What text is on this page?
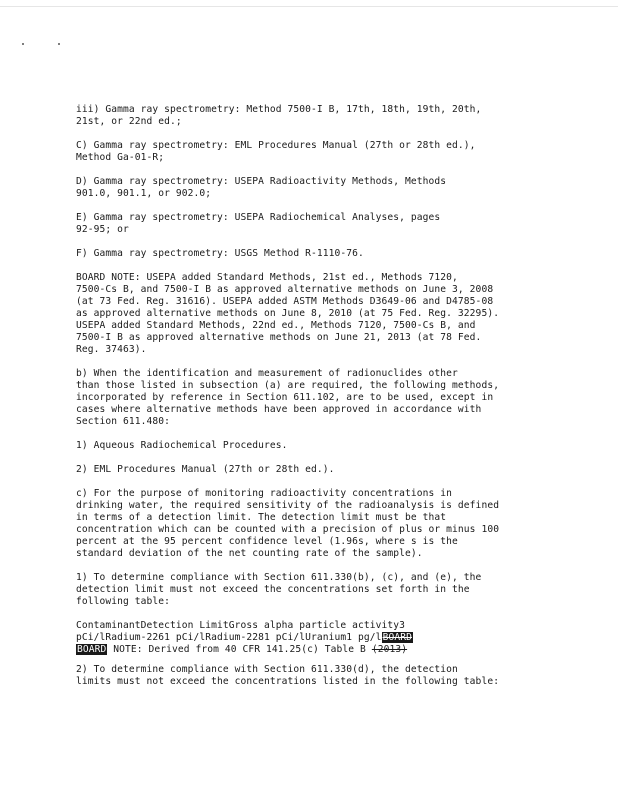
iii) Gamma ray spectrometry: Method 7500-I B, 17th, 18th, 19th, 20th,

21st, or 22nd ed.;

C) Gamma ray spectrometry: EML Procedures Manual (27th or 28th ed.),

Method Ga-01-R;

D) Gamma ray spectrometry: USEPA Radioactivity Methods, Methods

901.0, 901.1, or 902.0;

E) Gamma ray spectrometry: USEPA Radiochemical Analyses, pages

92-95; or

F) Gamma ray spectrometry: USGS Method R-1110-76.

BOARD NOTE: USEPA added Standard Methods, 21st ed., Methods 7120,

7500-Cs B, and 7500-I B as approved alternative methods on June 3, 2008

(at 73 Fed. Reg. 31616). USEPA added ASTM Methods D3649-06 and D4785-08

as approved alternative methods on June 8, 2010 (at 75 Fed. Reg. 32295).

USEPA added Standard Methods, 22nd ed., Methods 7120, 7500-Cs B, and

7500-I B as approved alternative methods on June 21, 2013 (at 78 Fed.

Reg. 37463).

b) When the identification and measurement of radionuclides other

than those listed in subsection (a) are required, the following methods,

incorporated by reference in Section 611.102, are to be used, except in

cases where alternative methods have been approved in accordance with

Section 611.480:

1) Aqueous Radiochemical Procedures.

2) EML Procedures Manual (27th or 28th ed.).

c) For the purpose of monitoring radioactivity concentrations in

drinking water, the required sensitivity of the radioanalysis is defined

in terms of a detection limit. The detection limit must be that

concentration which can be counted with a precision of plus or minus 100

percent at the 95 percent confidence level (1.96s, where s is the

standard deviation of the net counting rate of the sample).

1) To determine compliance with Section 611.330(b), (c), and (e), the

detection limit must not exceed the concentrations set forth in the

following table:

ContaminantDetection LimitGross alpha particle activity3

pCi/lRadium-2261 pCi/lRadium-2281 pCi/lUranium1 pg/lBOARD

BOARD NOTE: Derived from 40 CFR 141.25(c) Table B (2013)

2) To determine compliance with Section 611.330(d), the detection

limits must not exceed the concentrations listed in the following table:
